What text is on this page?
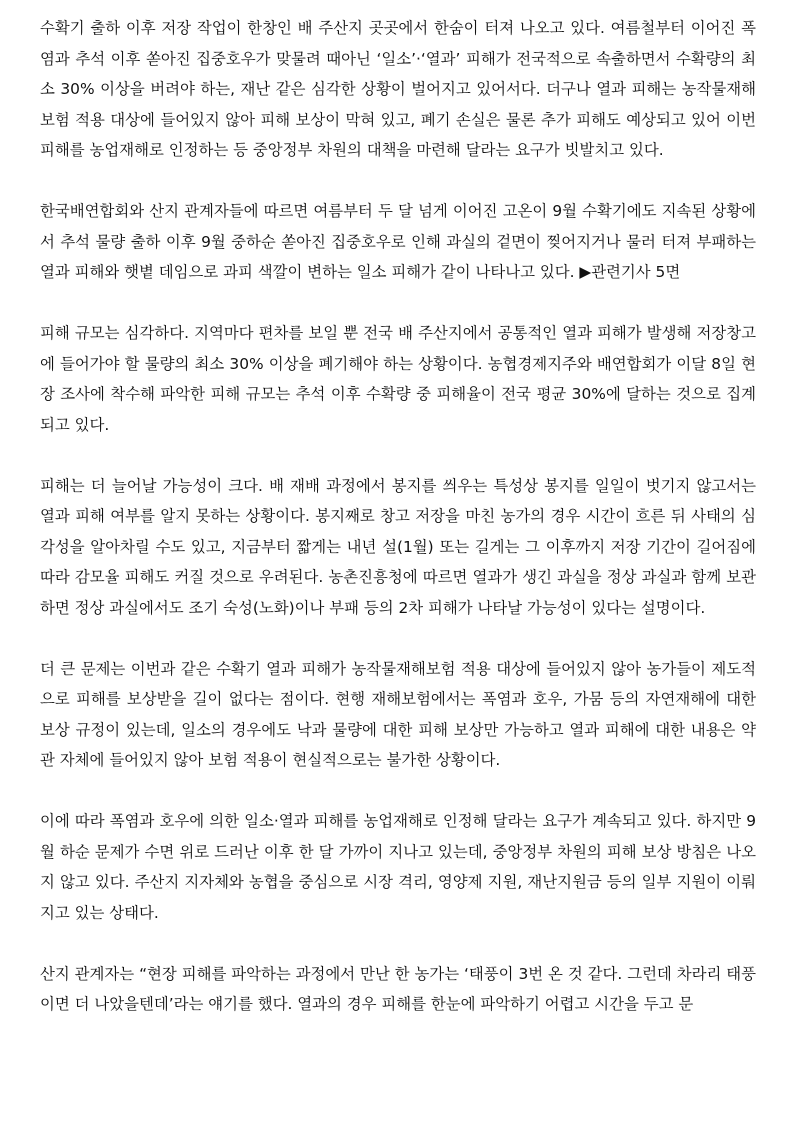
수확기 출하 이후 저장 작업이 한창인 배 주산지 곳곳에서 한숨이 터져 나오고 있다. 여름철부터 이어진 폭염과 추석 이후 쏟아진 집중호우가 맞물려 때아닌 ‘일소’·‘열과’ 피해가 전국적으로 속출하면서 수확량의 최소 30% 이상을 버려야 하는, 재난 같은 심각한 상황이 벌어지고 있어서다. 더구나 열과 피해는 농작물재해보험 적용 대상에 들어있지 않아 피해 보상이 막혀 있고, 폐기 손실은 물론 추가 피해도 예상되고 있어 이번 피해를 농업재해로 인정하는 등 중앙정부 차원의 대책을 마련해 달라는 요구가 빗발치고 있다.

한국배연합회와 산지 관계자들에 따르면 여름부터 두 달 넘게 이어진 고온이 9월 수확기에도 지속된 상황에서 추석 물량 출하 이후 9월 중하순 쏟아진 집중호우로 인해 과실의 겉면이 찢어지거나 물러 터져 부패하는 열과 피해와 햇볕 데임으로 과피 색깔이 변하는 일소 피해가 같이 나타나고 있다. ▶관련기사 5면

피해 규모는 심각하다. 지역마다 편차를 보일 뿐 전국 배 주산지에서 공통적인 열과 피해가 발생해 저장창고에 들어가야 할 물량의 최소 30% 이상을 폐기해야 하는 상황이다. 농협경제지주와 배연합회가 이달 8일 현장 조사에 착수해 파악한 피해 규모는 추석 이후 수확량 중 피해율이 전국 평균 30%에 달하는 것으로 집계되고 있다.

피해는 더 늘어날 가능성이 크다. 배 재배 과정에서 봉지를 씌우는 특성상 봉지를 일일이 벗기지 않고서는 열과 피해 여부를 알지 못하는 상황이다. 봉지째로 창고 저장을 마친 농가의 경우 시간이 흐른 뒤 사태의 심각성을 알아차릴 수도 있고, 지금부터 짧게는 내년 설(1월) 또는 길게는 그 이후까지 저장 기간이 길어짐에 따라 감모율 피해도 커질 것으로 우려된다. 농촌진흥청에 따르면 열과가 생긴 과실을 정상 과실과 함께 보관하면 정상 과실에서도 조기 숙성(노화)이나 부패 등의 2차 피해가 나타날 가능성이 있다는 설명이다.

더 큰 문제는 이번과 같은 수확기 열과 피해가 농작물재해보험 적용 대상에 들어있지 않아 농가들이 제도적으로 피해를 보상받을 길이 없다는 점이다. 현행 재해보험에서는 폭염과 호우, 가뭄 등의 자연재해에 대한 보상 규정이 있는데, 일소의 경우에도 낙과 물량에 대한 피해 보상만 가능하고 열과 피해에 대한 내용은 약관 자체에 들어있지 않아 보험 적용이 현실적으로는 불가한 상황이다.

이에 따라 폭염과 호우에 의한 일소·열과 피해를 농업재해로 인정해 달라는 요구가 계속되고 있다. 하지만 9월 하순 문제가 수면 위로 드러난 이후 한 달 가까이 지나고 있는데, 중앙정부 차원의 피해 보상 방침은 나오지 않고 있다. 주산지 지자체와 농협을 중심으로 시장 격리, 영양제 지원, 재난지원금 등의 일부 지원이 이뤄지고 있는 상태다.

산지 관계자는 “현장 피해를 파악하는 과정에서 만난 한 농가는 ‘태풍이 3번 온 것 같다. 그런데 차라리 태풍이면 더 나았을텐데’라는 얘기를 했다. 열과의 경우 피해를 한눈에 파악하기 어렵고 시간을 두고 문
